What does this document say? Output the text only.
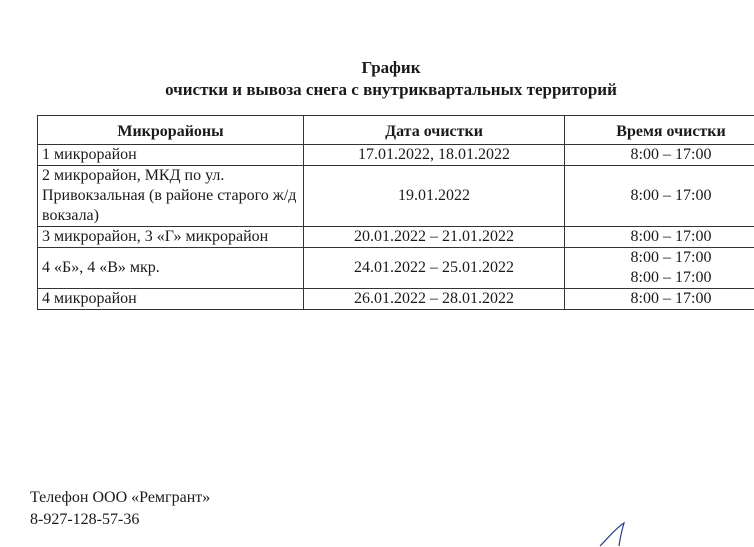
График
очистки и вывоза снега с внутриквартальных территорий
Микрорайоны	Дата очистки	Время очистки
1 микрорайон	17.01.2022, 18.01.2022	8:00 – 17:00
2 микрорайон, МКД по ул. Привокзальная (в районе старого ж/д вокзала)	19.01.2022	8:00 – 17:00
3 микрорайон, 3 «Г» микрорайон	20.01.2022 – 21.01.2022	8:00 – 17:00
4 «Б», 4 «В» мкр.	24.01.2022 – 25.01.2022	8:00 – 17:00
8:00 – 17:00

4 микрорайон	26.01.2022 – 28.01.2022	8:00 – 17:00
Телефон ООО «Ремгрант»
8-927-128-57-36
